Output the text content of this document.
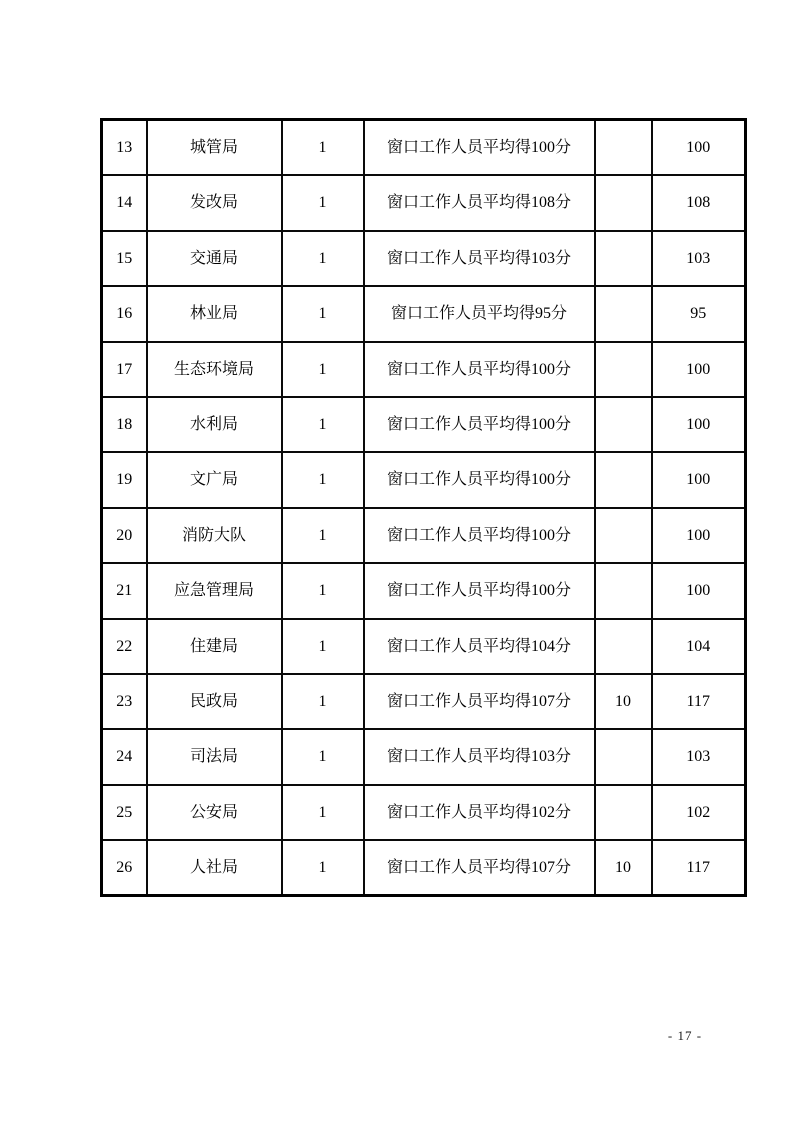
13	城管局	1	窗口工作人员平均得100分		100
14	发改局	1	窗口工作人员平均得108分		108
15	交通局	1	窗口工作人员平均得103分		103
16	林业局	1	窗口工作人员平均得95分		95
17	生态环境局	1	窗口工作人员平均得100分		100
18	水利局	1	窗口工作人员平均得100分		100
19	文广局	1	窗口工作人员平均得100分		100
20	消防大队	1	窗口工作人员平均得100分		100
21	应急管理局	1	窗口工作人员平均得100分		100
22	住建局	1	窗口工作人员平均得104分		104
23	民政局	1	窗口工作人员平均得107分	10	117
24	司法局	1	窗口工作人员平均得103分		103
25	公安局	1	窗口工作人员平均得102分		102
26	人社局	1	窗口工作人员平均得107分	10	117
- 17 -
